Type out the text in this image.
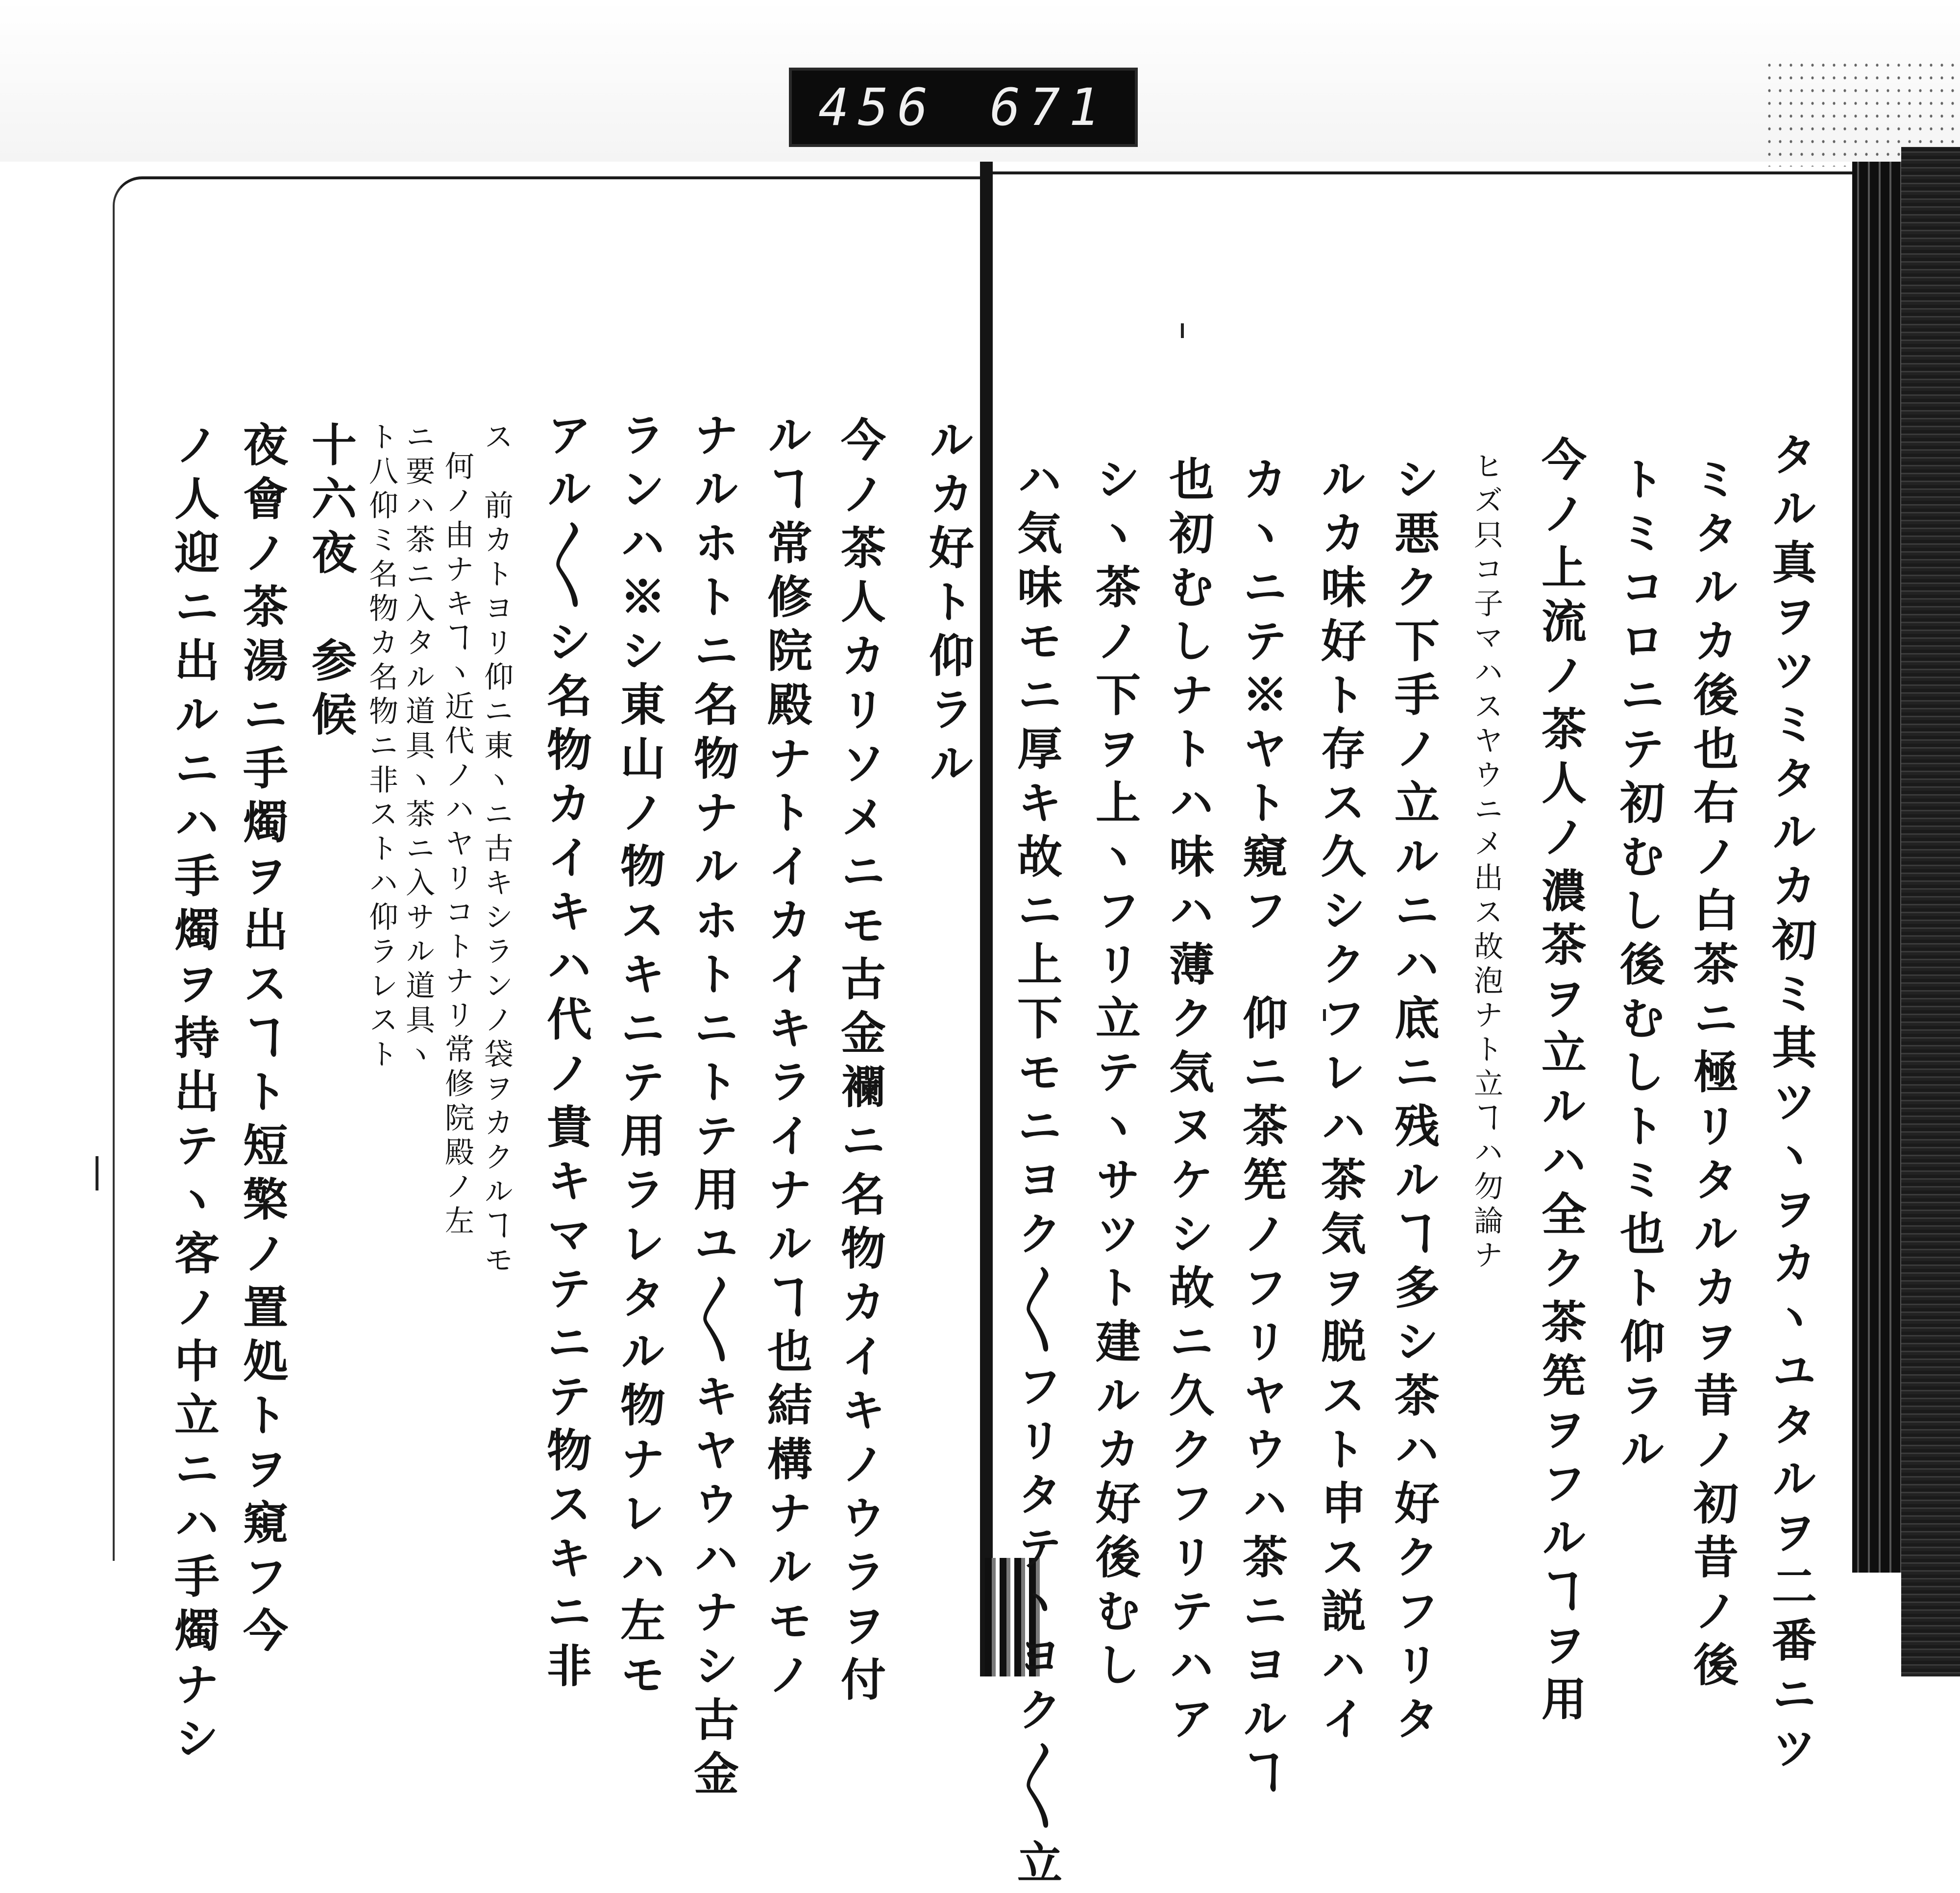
456 671
タル真ヲツミタルカ初ミ其ツヽヲカヽユタルヲ二番ニツ
ミタルカ後也右ノ白茶ニ極リタルカヲ昔ノ初昔ノ後
トミコロニテ初むし後むしトミ也ト仰ラル
今ノ上流ノ茶人ノ濃茶ヲ立ルハ全ク茶筅ヲフルヿヲ用
ヒズ只コ子マハスヤウニメ出ス故泡ナト立ヿハ勿論ナ
シ悪ク下手ノ立ルニハ底ニ残ルヿ多シ茶ハ好クフリタ
ルカ味好ト存ス久シクフレハ茶気ヲ脱スト申ス説ハイ
カヽニテ※ヤト窺フ　仰ニ茶筅ノフリヤウハ茶ニヨルヿ
也初むしナトハ味ハ薄ク気ヌケシ故ニ久クフリテハア
シヽ茶ノ下ヲ上ヽフリ立テヽサツト建ルカ好後むし
ハ気味モニ厚キ故ニ上下モニヨク〳〵フリタテヽヨク〳〵立
ルカ好ト仰ラル
今ノ茶人カリソメニモ古金襴ニ名物カイキノウラヲ付
ルヿ常修院殿ナトイカイキライナルヿ也結構ナルモノ
ナルホトニ名物ナルホトニトテ用ユ〳〵キヤウハナシ古金
ランハ※シ東山ノ物スキニテ用ラレタル物ナレハ左モ
アル〳〵シ名物カイキハ代ノ貴キマテニテ物スキニ非
ス　前カトヨリ仰ニ東ヽニ古キシランノ袋ヲカクルヿモ
何ノ由ナキヿヽ近代ノハヤリコトナリ常修院殿ノ左
ニ要ハ茶ニ入タル道具ヽ茶ニ入サル道具ヽ
ト八仰ミ名物カ名物ニ非ストハ仰ラレスト
十六夜　参候
夜會ノ茶湯ニ手燭ヲ出スヿト短檠ノ置処トヲ窺フ今
ノ人迎ニ出ルニハ手燭ヲ持出テヽ客ノ中立ニハ手燭ナシ
